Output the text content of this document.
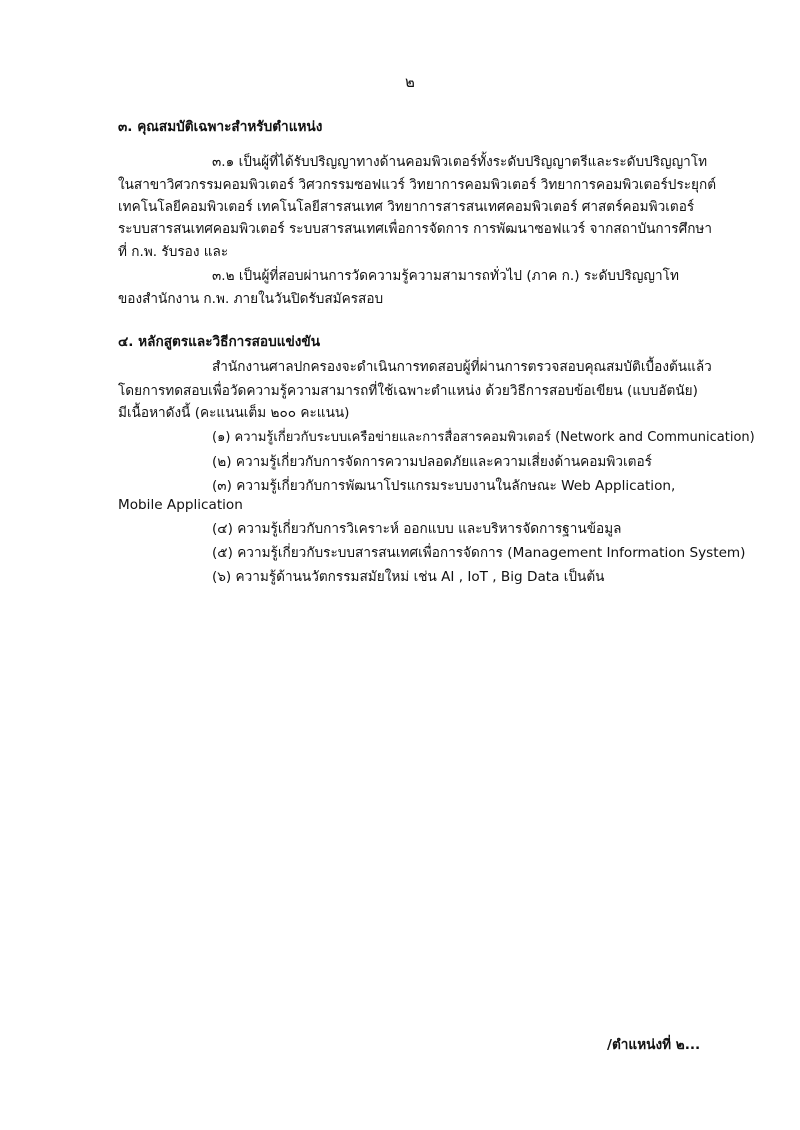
๒
๓. คุณสมบัติเฉพาะสำหรับตำแหน่ง
๓.๑ เป็นผู้ที่ได้รับปริญญาทางด้านคอมพิวเตอร์ทั้งระดับปริญญาตรีและระดับปริญญาโท
ในสาขาวิศวกรรมคอมพิวเตอร์ วิศวกรรมซอฟแวร์ วิทยาการคอมพิวเตอร์ วิทยาการคอมพิวเตอร์ประยุกต์
เทคโนโลยีคอมพิวเตอร์ เทคโนโลยีสารสนเทศ วิทยาการสารสนเทศคอมพิวเตอร์ ศาสตร์คอมพิวเตอร์
ระบบสารสนเทศคอมพิวเตอร์ ระบบสารสนเทศเพื่อการจัดการ การพัฒนาซอฟแวร์ จากสถาบันการศึกษา
ที่ ก.พ. รับรอง และ
๓.๒ เป็นผู้ที่สอบผ่านการวัดความรู้ความสามารถทั่วไป (ภาค ก.) ระดับปริญญาโท
ของสำนักงาน ก.พ. ภายในวันปิดรับสมัครสอบ
๔. หลักสูตรและวิธีการสอบแข่งขัน
สำนักงานศาลปกครองจะดำเนินการทดสอบผู้ที่ผ่านการตรวจสอบคุณสมบัติเบื้องต้นแล้ว
โดยการทดสอบเพื่อวัดความรู้ความสามารถที่ใช้เฉพาะตำแหน่ง ด้วยวิธีการสอบข้อเขียน (แบบอัตนัย)
มีเนื้อหาดังนี้ (คะแนนเต็ม ๒๐๐ คะแนน)
(๑) ความรู้เกี่ยวกับระบบเครือข่ายและการสื่อสารคอมพิวเตอร์ (Network and Communication)
(๒) ความรู้เกี่ยวกับการจัดการความปลอดภัยและความเสี่ยงด้านคอมพิวเตอร์
(๓) ความรู้เกี่ยวกับการพัฒนาโปรแกรมระบบงานในลักษณะ Web Application,
Mobile Application
(๔) ความรู้เกี่ยวกับการวิเคราะห์ ออกแบบ และบริหารจัดการฐานข้อมูล
(๕) ความรู้เกี่ยวกับระบบสารสนเทศเพื่อการจัดการ (Management Information System)
(๖) ความรู้ด้านนวัตกรรมสมัยใหม่ เช่น AI , IoT , Big Data เป็นต้น
/ตำแหน่งที่ ๒...
